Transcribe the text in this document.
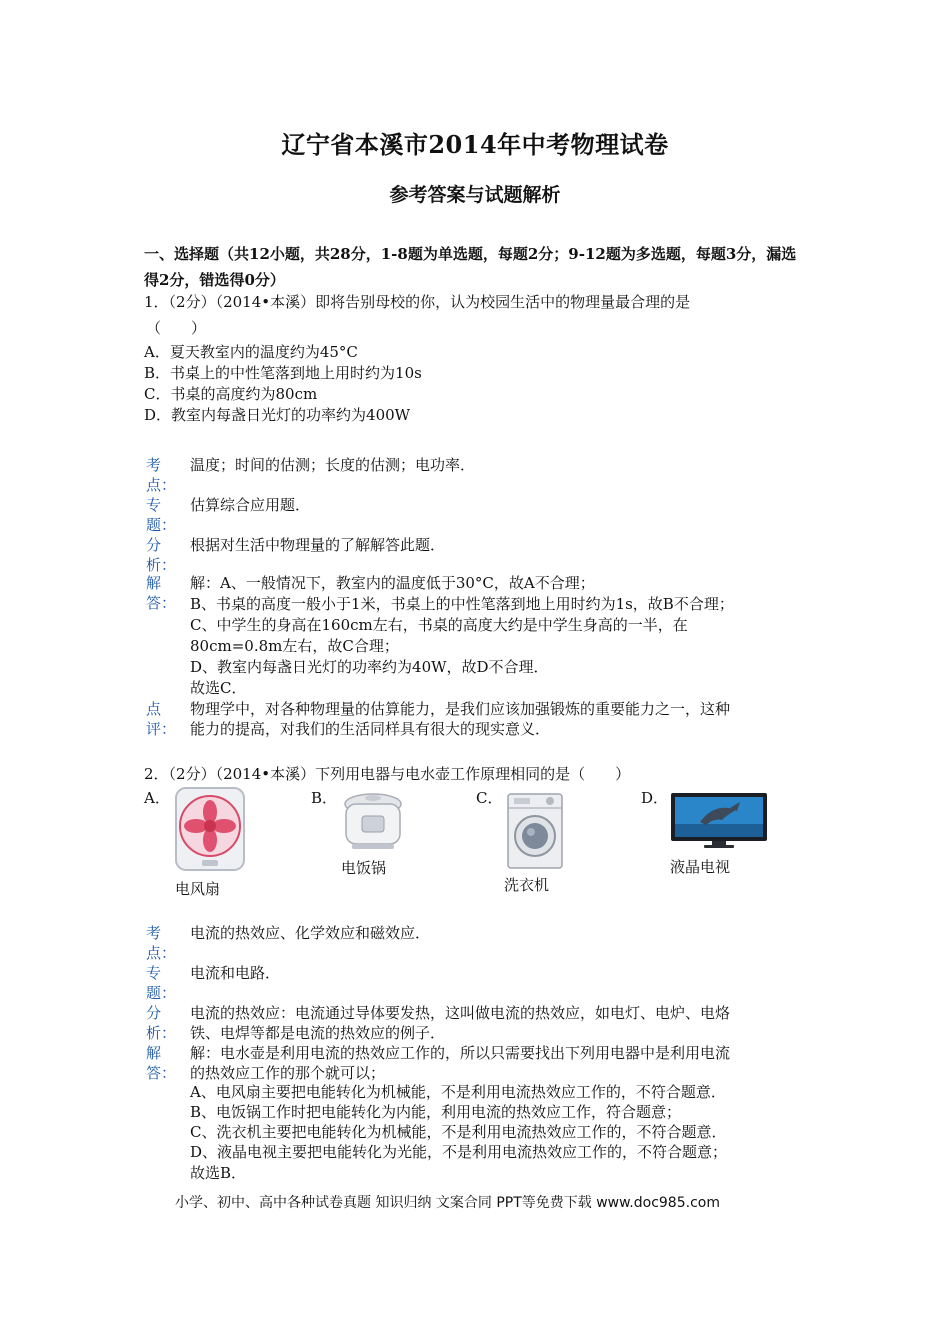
辽宁省本溪市2014年中考物理试卷
参考答案与试题解析
一、选择题（共12小题，共28分，1-8题为单选题，每题2分；9-12题为多选题，每题3分，漏选得2分，错选得0分）
1．（2分）（2014•本溪）即将告别母校的你，认为校园生活中的物理量最合理的是
（　　）
A．夏天教室内的温度约为45°C
B．书桌上的中性笔落到地上用时约为10s
C．书桌的高度约为80cm
D．教室内每盏日光灯的功率约为400W
考
点：
温度；时间的估测；长度的估测；电功率．
专
题：
估算综合应用题．
分
析：
根据对生活中物理量的了解解答此题．
解
答：
解：A、一般情况下，教室内的温度低于30°C，故A不合理；
B、书桌的高度一般小于1米，书桌上的中性笔落到地上用时约为1s，故B不合理；
C、中学生的身高在160cm左右，书桌的高度大约是中学生身高的一半，在
80cm=0.8m左右，故C合理；
D、教室内每盏日光灯的功率约为40W，故D不合理．
故选C．
点
评：
物理学中，对各种物理量的估算能力，是我们应该加强锻炼的重要能力之一，这种
能力的提高，对我们的生活同样具有很大的现实意义．
2．（2分）（2014•本溪）下列用电器与电水壶工作原理相同的是（　　）
A．
电风扇
B．
电饭锅
C．
洗衣机
D．
液晶电视
考
点：
电流的热效应、化学效应和磁效应．
专
题：
电流和电路．
分
析：
电流的热效应：电流通过导体要发热，这叫做电流的热效应，如电灯、电炉、电烙
铁、电焊等都是电流的热效应的例子．
解
答：
解：电水壶是利用电流的热效应工作的，所以只需要找出下列用电器中是利用电流
的热效应工作的那个就可以；
A、电风扇主要把电能转化为机械能，不是利用电流热效应工作的，不符合题意．
B、电饭锅工作时把电能转化为内能，利用电流的热效应工作，符合题意；
C、洗衣机主要把电能转化为机械能，不是利用电流热效应工作的，不符合题意．
D、液晶电视主要把电能转化为光能，不是利用电流热效应工作的，不符合题意；
故选B．
小学、初中、高中各种试卷真题 知识归纳 文案合同 PPT等免费下载 www.doc985.com
